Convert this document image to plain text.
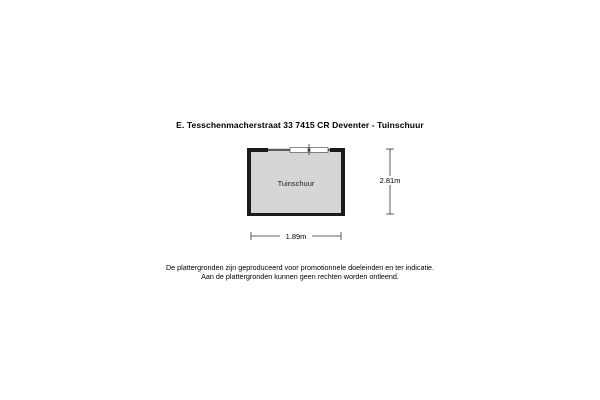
E. Tesschenmacherstraat 33 7415 CR Deventer - Tuinschuur
Tuinschuur	2.81m
1.89m
De plattergronden zijn geproduceerd voor promotionnele doeleinden en ter indicatie.
Aan de plattergronden kunnen geen rechten worden ontleend.
